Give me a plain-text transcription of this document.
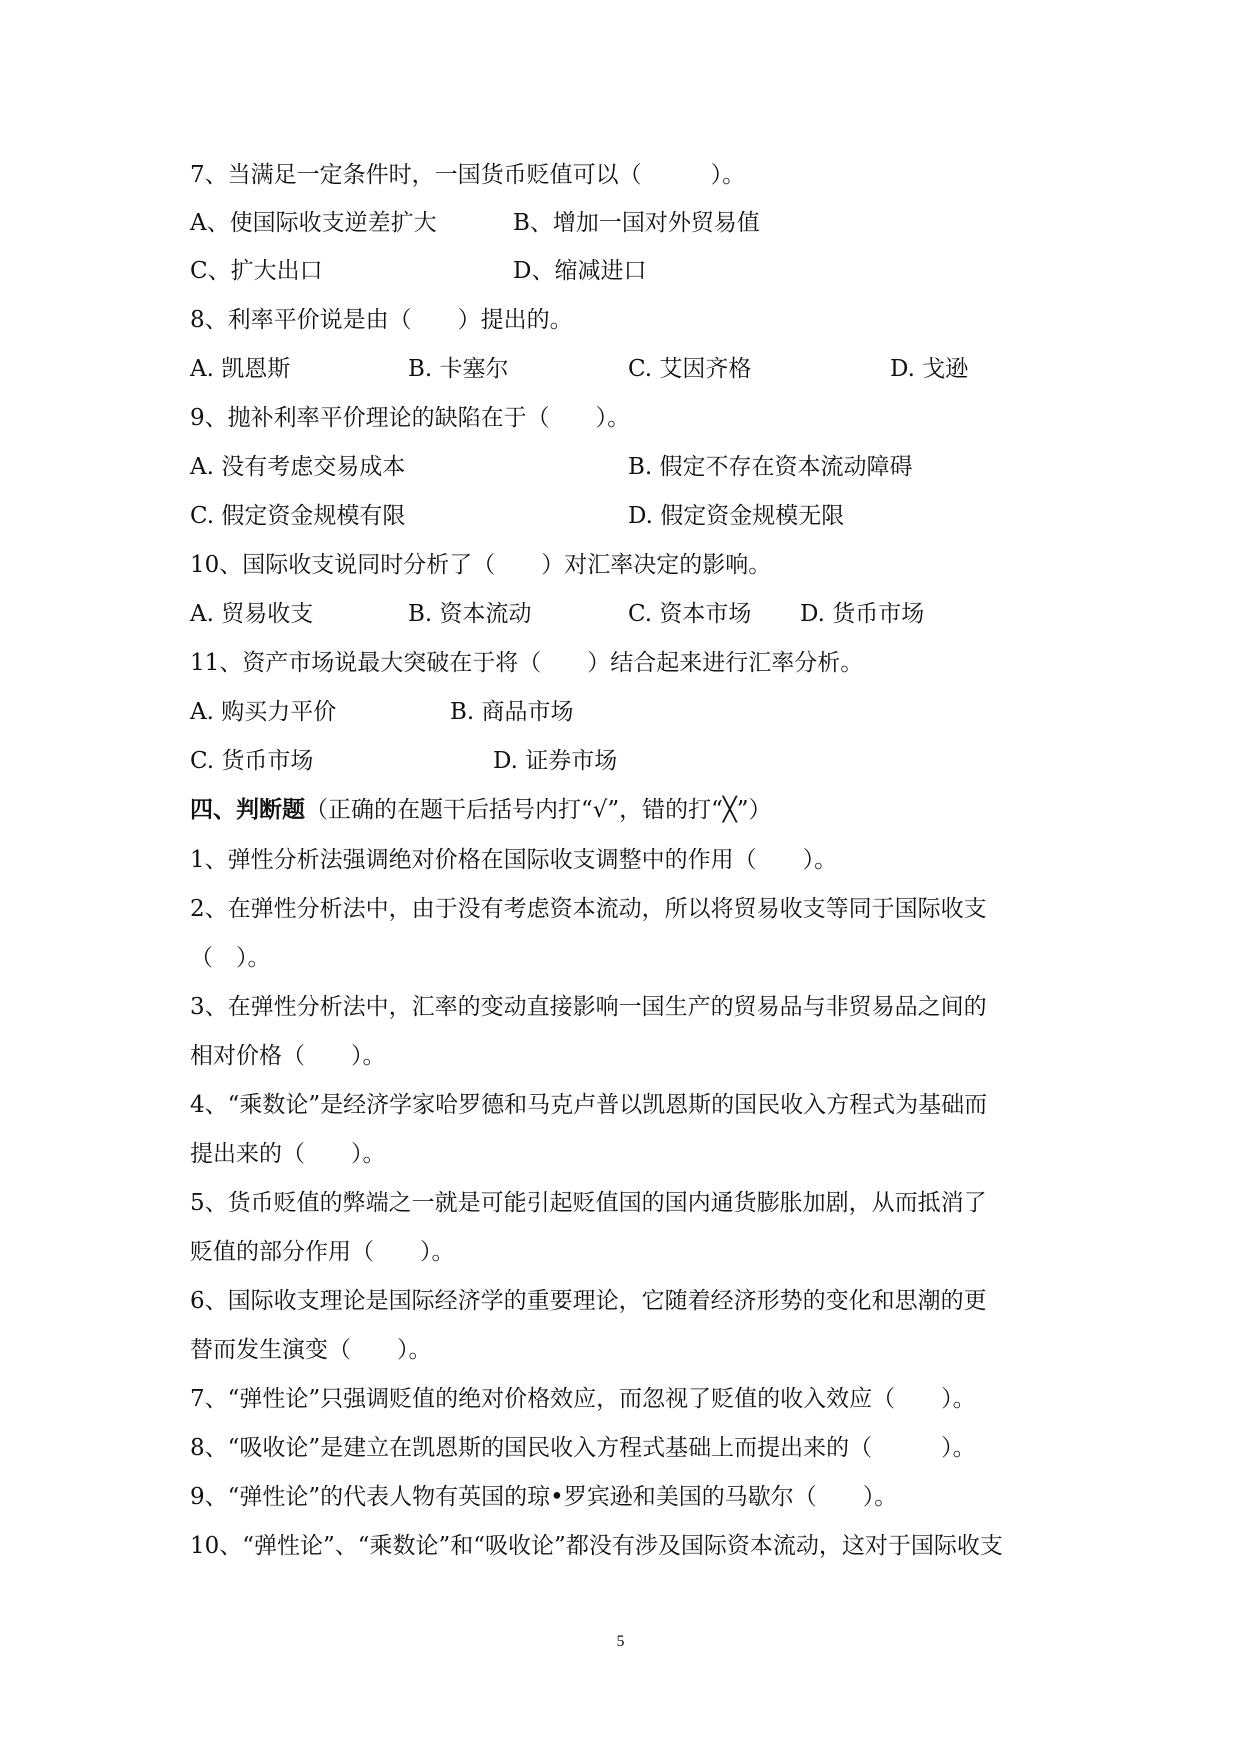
7、当满足一定条件时，一国货币贬值可以（　　　）。
A、使国际收支逆差扩大	B、增加一国对外贸易值
C、扩大出口	D、缩减进口
8、利率平价说是由（　　）提出的。
A. 凯恩斯	B. 卡塞尔	C. 艾因齐格	D. 戈逊
9、抛补利率平价理论的缺陷在于（　　）。
A. 没有考虑交易成本	B. 假定不存在资本流动障碍
C. 假定资金规模有限	D. 假定资金规模无限
10、国际收支说同时分析了（　　）对汇率决定的影响。
A. 贸易收支	B. 资本流动	C. 资本市场 D. 货币市场
11、资产市场说最大突破在于将（　　）结合起来进行汇率分析。
A. 购买力平价	B. 商品市场
C. 货币市场	D. 证券市场
四、判断题（正确的在题干后括号内打“√”，错的打“╳”）
1、弹性分析法强调绝对价格在国际收支调整中的作用（　　）。
2、在弹性分析法中，由于没有考虑资本流动，所以将贸易收支等同于国际收支
（　）。
3、在弹性分析法中，汇率的变动直接影响一国生产的贸易品与非贸易品之间的
相对价格（　　）。
4、“乘数论”是经济学家哈罗德和马克卢普以凯恩斯的国民收入方程式为基础而
提出来的（　　）。
5、货币贬值的弊端之一就是可能引起贬值国的国内通货膨胀加剧，从而抵消了
贬值的部分作用（　　）。
6、国际收支理论是国际经济学的重要理论，它随着经济形势的变化和思潮的更
替而发生演变（　　）。
7、“弹性论”只强调贬值的绝对价格效应，而忽视了贬值的收入效应（　　）。
8、“吸收论”是建立在凯恩斯的国民收入方程式基础上而提出来的（　　　）。
9、“弹性论”的代表人物有英国的琼•罗宾逊和美国的马歇尔（　　）。
10、“弹性论”、“乘数论”和“吸收论”都没有涉及国际资本流动，这对于国际收支
5
